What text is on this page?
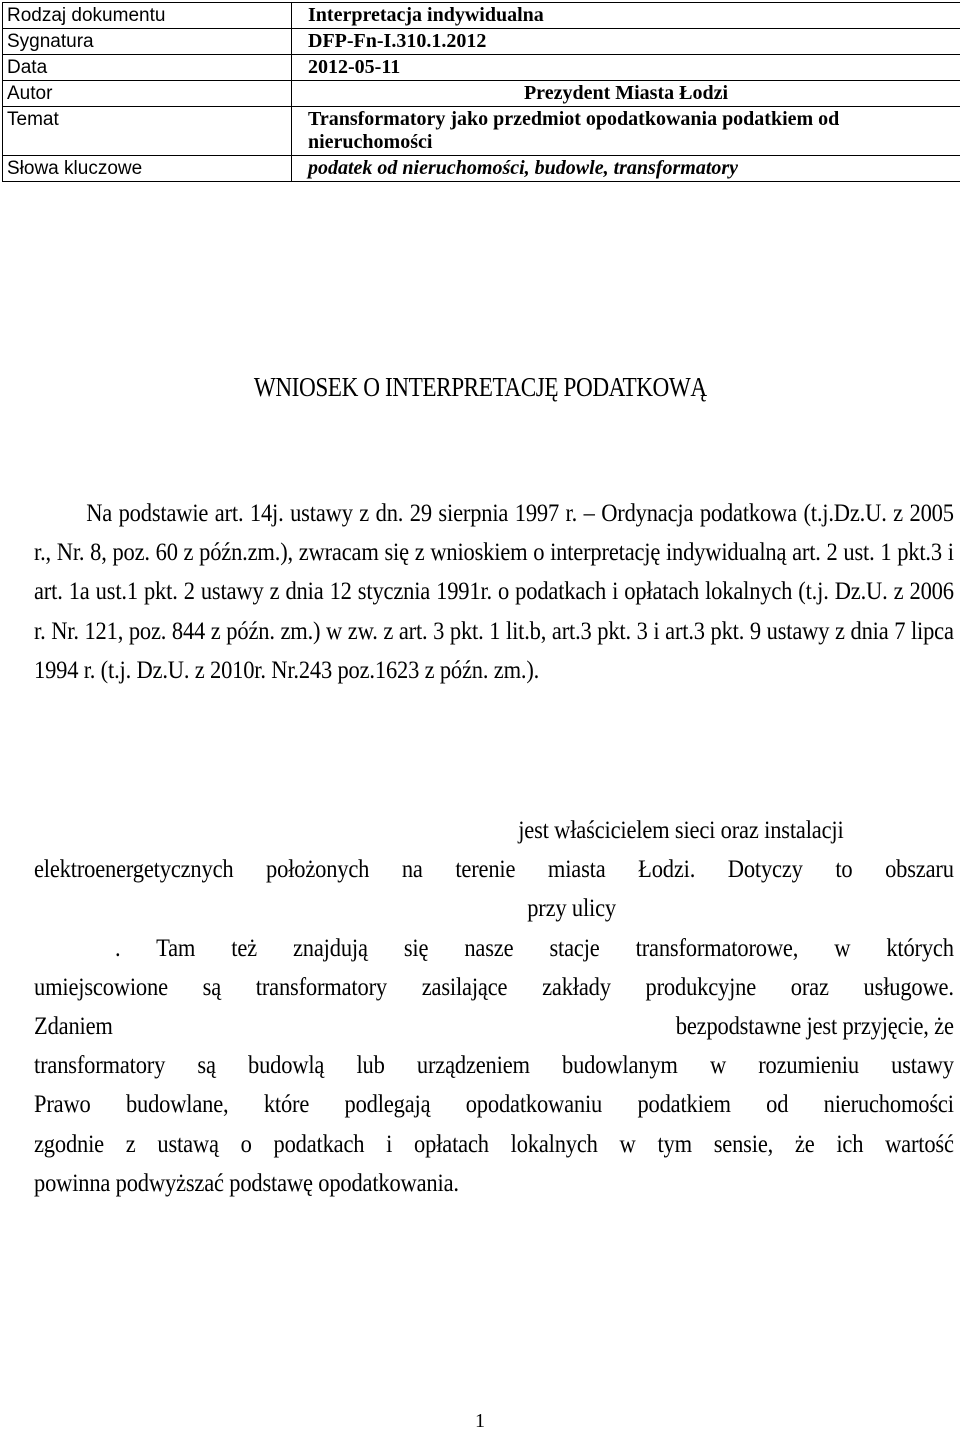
Rodzaj dokumentu	Interpretacja indywidualna
Sygnatura	DFP-Fn-I.310.1.2012
Data	2012-05-11
Autor	Prezydent Miasta Łodzi
Temat	Transformatory jako przedmiot opodatkowania podatkiem od nieruchomości
Słowa kluczowe	podatek od nieruchomości, budowle, transformatory
WNIOSEK O INTERPRETACJĘ PODATKOWĄ
Na podstawie art. 14j. ustawy z dn. 29 sierpnia 1997 r. – Ordynacja podatkowa (t.j.Dz.U. z 2005 r., Nr. 8, poz. 60 z późn.zm.), zwracam się z wnioskiem o interpretację indywidualną art. 2 ust. 1 pkt.3 i art. 1a ust.1 pkt. 2 ustawy z dnia 12 stycznia 1991r. o podatkach i opłatach lokalnych (t.j. Dz.U. z 2006 r. Nr. 121, poz. 844 z późn. zm.) w zw. z art. 3 pkt. 1 lit.b, art.3 pkt. 3 i art.3 pkt. 9 ustawy z dnia 7 lipca 1994 r. (t.j. Dz.U. z 2010r. Nr.243 poz.1623 z późn. zm.).
jest właścicielem sieci oraz instalacji
elektroenergetycznych położonych na terenie miasta Łodzi. Dotyczy to obszaru
przy ulicy
. Tam też znajdują się nasze stacje transformatorowe, w których
umiejscowione są transformatory zasilające zakłady produkcyjne oraz usługowe.
Zdaniem	bezpodstawne jest przyjęcie, że
transformatory są budowlą lub urządzeniem budowlanym w rozumieniu ustawy
Prawo budowlane, które podlegają opodatkowaniu podatkiem od nieruchomości
zgodnie z ustawą o podatkach i opłatach lokalnych w tym sensie, że ich wartość
powinna podwyższać podstawę opodatkowania.
1
